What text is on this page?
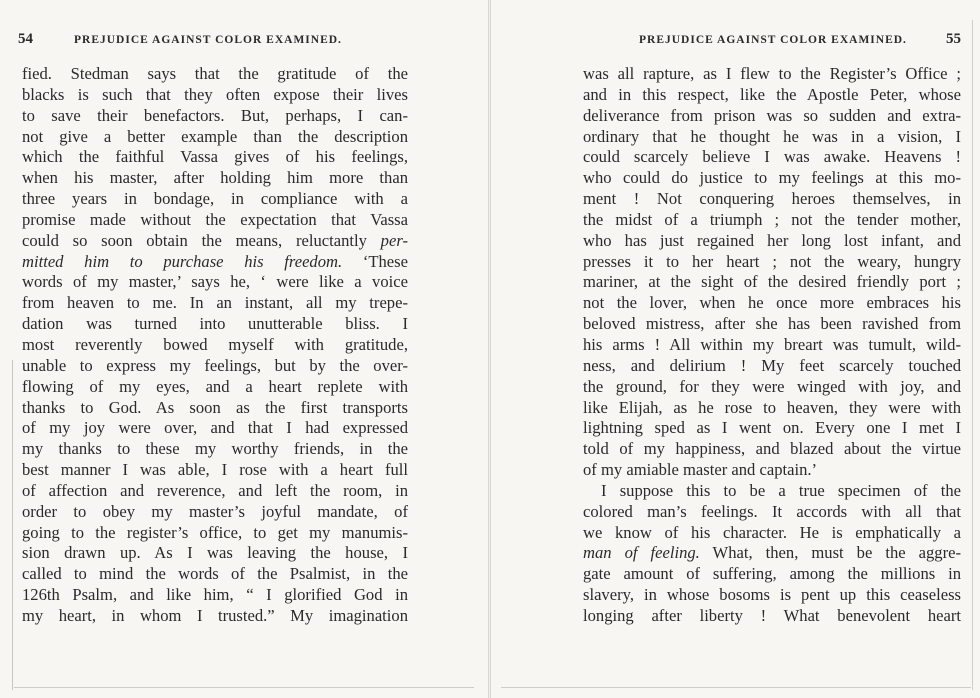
54	PREJUDICE AGAINST COLOR EXAMINED.
fied. Stedman says that the gratitude of the
blacks is such that they often expose their lives
to save their benefactors. But, perhaps, I can-
not give a better example than the description
which the faithful Vassa gives of his feelings,
when his master, after holding him more than
three years in bondage, in compliance with a
promise made without the expectation that Vassa
could so soon obtain the means, reluctantly per-
mitted him to purchase his freedom. ‘These
words of my master,’ says he, ‘ were like a voice
from heaven to me. In an instant, all my trepe-
dation was turned into unutterable bliss. I
most reverently bowed myself with gratitude,
unable to express my feelings, but by the over-
flowing of my eyes, and a heart replete with
thanks to God. As soon as the first transports
of my joy were over, and that I had expressed
my thanks to these my worthy friends, in the
best manner I was able, I rose with a heart full
of affection and reverence, and left the room, in
order to obey my master’s joyful mandate, of
going to the register’s office, to get my manumis-
sion drawn up. As I was leaving the house, I
called to mind the words of the Psalmist, in the
126th Psalm, and like him, “ I glorified God in
my heart, in whom I trusted.” My imagination
PREJUDICE AGAINST COLOR EXAMINED.	55
was all rapture, as I flew to the Register’s Office ;
and in this respect, like the Apostle Peter, whose
deliverance from prison was so sudden and extra-
ordinary that he thought he was in a vision, I
could scarcely believe I was awake. Heavens !
who could do justice to my feelings at this mo-
ment ! Not conquering heroes themselves, in
the midst of a triumph ; not the tender mother,
who has just regained her long lost infant, and
presses it to her heart ; not the weary, hungry
mariner, at the sight of the desired friendly port ;
not the lover, when he once more embraces his
beloved mistress, after she has been ravished from
his arms ! All within my breart was tumult, wild-
ness, and delirium ! My feet scarcely touched
the ground, for they were winged with joy, and
like Elijah, as he rose to heaven, they were with
lightning sped as I went on. Every one I met I
told of my happiness, and blazed about the virtue
of my amiable master and captain.’
I suppose this to be a true specimen of the
colored man’s feelings. It accords with all that
we know of his character. He is emphatically a
man of feeling. What, then, must be the aggre-
gate amount of suffering, among the millions in
slavery, in whose bosoms is pent up this ceaseless
longing after liberty ! What benevolent heart
